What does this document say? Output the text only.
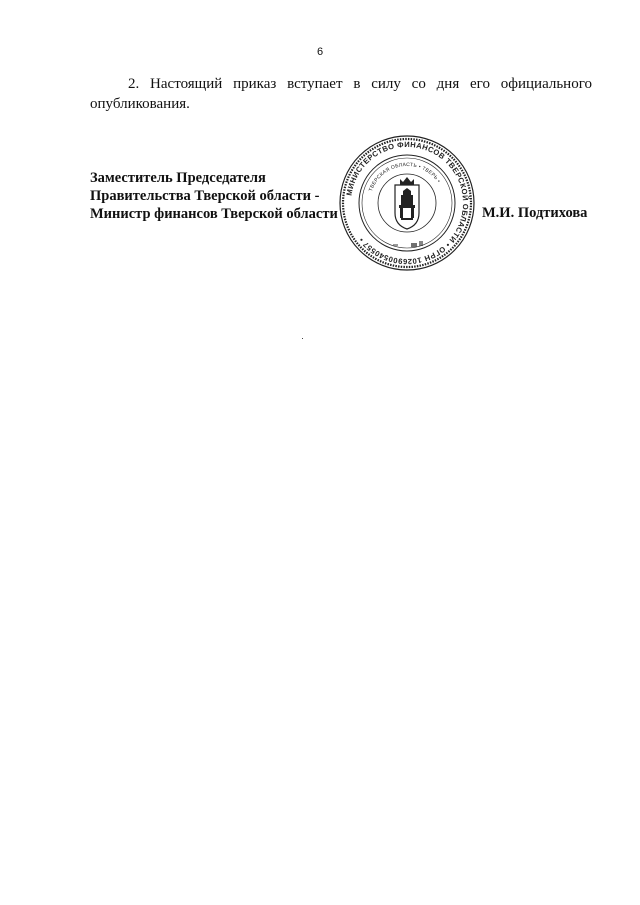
6
2. Настоящий приказ вступает в силу со дня его официального опубликования.
Заместитель Председателя
Правительства Тверской области -
Министр финансов Тверской области	М.И. Подтихова
МИНИСТЕРСТВО ФИНАНСОВ ТВЕРСКОЙ ОБЛАСТИ • ОГРН 1026900540557 •
ТВЕРСКАЯ ОБЛАСТЬ • ТВЕРЬ •
